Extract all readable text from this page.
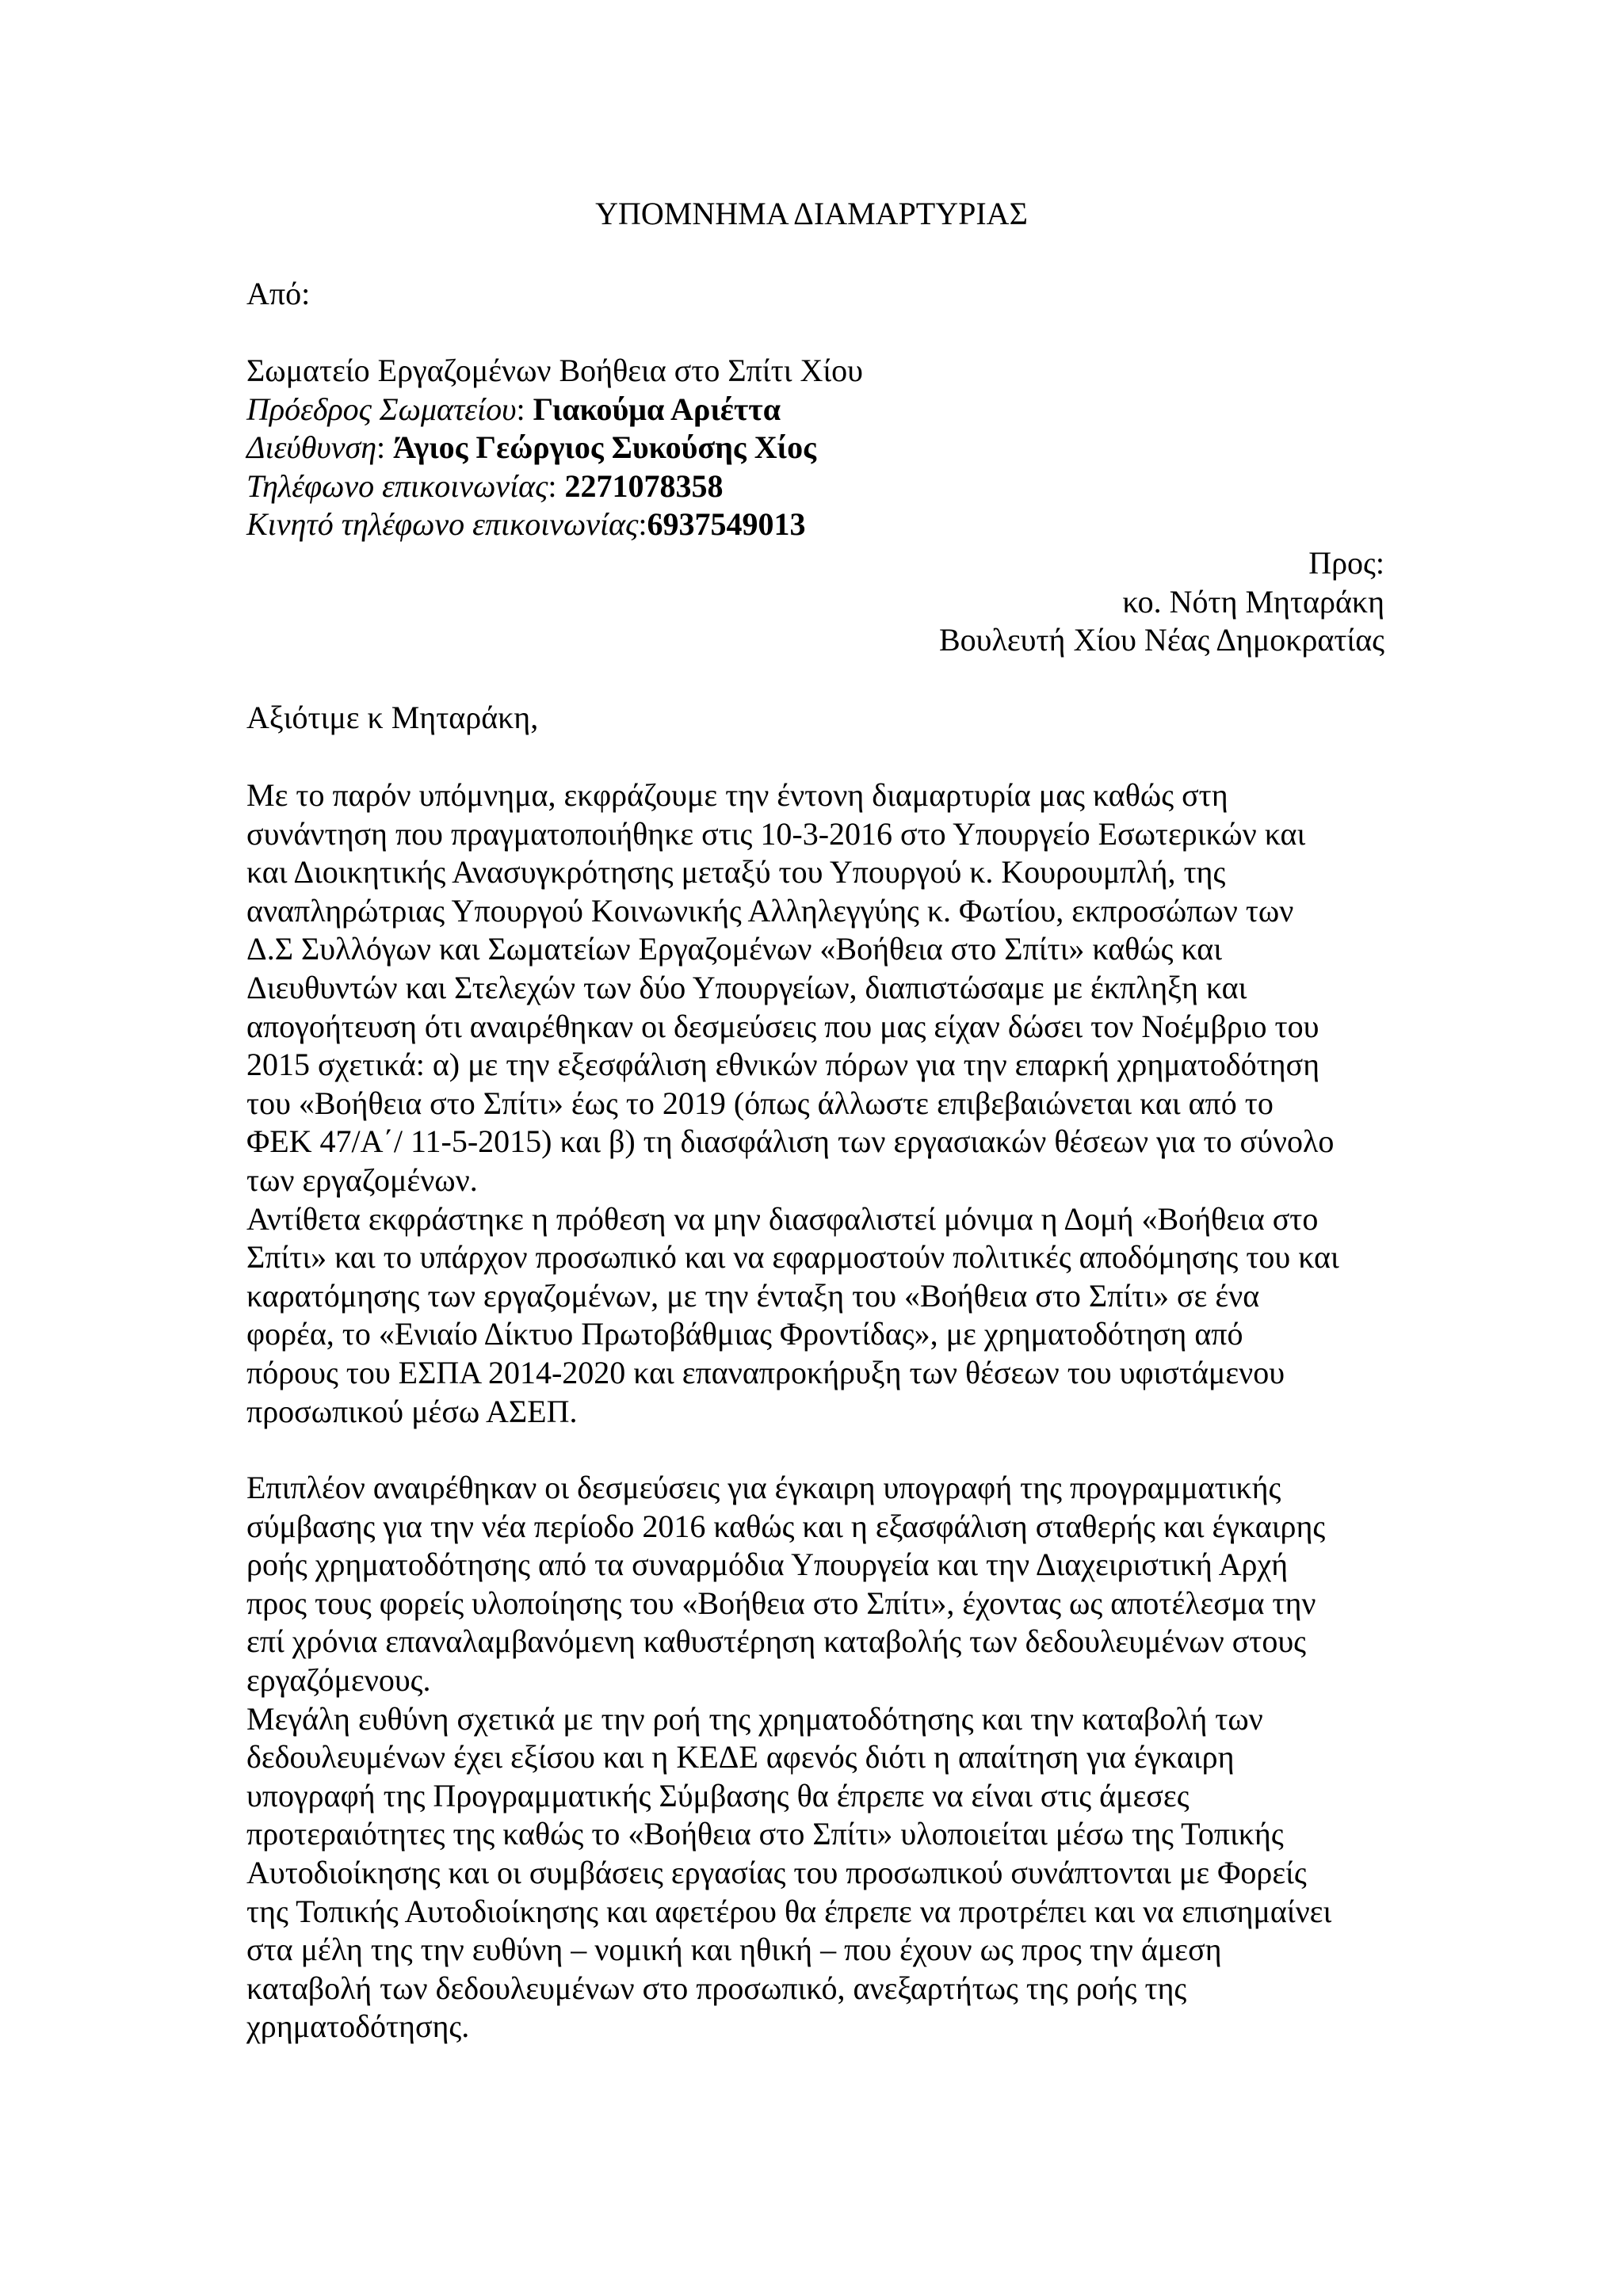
ΥΠΟΜΝΗΜΑ ΔΙΑΜΑΡΤΥΡΙΑΣ
Από:
Σωματείο Εργαζομένων Βοήθεια στο Σπίτι Χίου
Πρόεδρος Σωματείου: Γιακούμα Αριέττα
Διεύθυνση: Άγιος Γεώργιος Συκούσης Χίος
Τηλέφωνο επικοινωνίας: 2271078358
Κινητό τηλέφωνο επικοινωνίας:6937549013
Προς:
κο. Νότη Μηταράκη
Βουλευτή Χίου Νέας Δημοκρατίας
Αξιότιμε κ Μηταράκη,
Με το παρόν υπόμνημα, εκφράζουμε την έντονη διαμαρτυρία μας καθώς στη
συνάντηση που πραγματοποιήθηκε στις 10-3-2016 στο Υπουργείο Εσωτερικών και
και Διοικητικής Ανασυγκρότησης μεταξύ του Υπουργού κ. Κουρουμπλή, της
αναπληρώτριας Υπουργού Κοινωνικής Αλληλεγγύης κ. Φωτίου, εκπροσώπων των
Δ.Σ Συλλόγων και Σωματείων Εργαζομένων «Βοήθεια στο Σπίτι» καθώς και
Διευθυντών και Στελεχών των δύο Υπουργείων, διαπιστώσαμε με έκπληξη και
απογοήτευση ότι αναιρέθηκαν οι δεσμεύσεις που μας είχαν δώσει τον Νοέμβριο του
2015 σχετικά: α) με την εξεσφάλιση εθνικών πόρων για την επαρκή χρηματοδότηση
του «Βοήθεια στο Σπίτι» έως το 2019 (όπως άλλωστε επιβεβαιώνεται και από το
ΦΕΚ 47/Α΄/ 11-5-2015) και β) τη διασφάλιση των εργασιακών θέσεων για το σύνολο
των εργαζομένων.
Αντίθετα εκφράστηκε η πρόθεση να μην διασφαλιστεί μόνιμα η Δομή «Βοήθεια στο
Σπίτι» και το υπάρχον προσωπικό και να εφαρμοστούν πολιτικές αποδόμησης του και
καρατόμησης των εργαζομένων, με την ένταξη του «Βοήθεια στο Σπίτι» σε ένα
φορέα, το «Ενιαίο Δίκτυο Πρωτοβάθμιας Φροντίδας», με χρηματοδότηση από
πόρους του ΕΣΠΑ 2014-2020 και επαναπροκήρυξη των θέσεων του υφιστάμενου
προσωπικού μέσω ΑΣΕΠ.
Επιπλέον αναιρέθηκαν οι δεσμεύσεις για έγκαιρη υπογραφή της προγραμματικής
σύμβασης για την νέα περίοδο 2016 καθώς και η εξασφάλιση σταθερής και έγκαιρης
ροής χρηματοδότησης από τα συναρμόδια Υπουργεία και την Διαχειριστική Αρχή
προς τους φορείς υλοποίησης του «Βοήθεια στο Σπίτι», έχοντας ως αποτέλεσμα την
επί χρόνια επαναλαμβανόμενη καθυστέρηση καταβολής των δεδουλευμένων στους
εργαζόμενους.
Μεγάλη ευθύνη σχετικά με την ροή της χρηματοδότησης και την καταβολή των
δεδουλευμένων έχει εξίσου και η ΚΕΔΕ αφενός διότι η απαίτηση για έγκαιρη
υπογραφή της Προγραμματικής Σύμβασης θα έπρεπε να είναι στις άμεσες
προτεραιότητες της καθώς το «Βοήθεια στο Σπίτι» υλοποιείται μέσω της Τοπικής
Αυτοδιοίκησης και οι συμβάσεις εργασίας του προσωπικού συνάπτονται με Φορείς
της Τοπικής Αυτοδιοίκησης και αφετέρου θα έπρεπε να προτρέπει και να επισημαίνει
στα μέλη της την ευθύνη – νομική και ηθική – που έχουν ως προς την άμεση
καταβολή των δεδουλευμένων στο προσωπικό, ανεξαρτήτως της ροής της
χρηματοδότησης.
